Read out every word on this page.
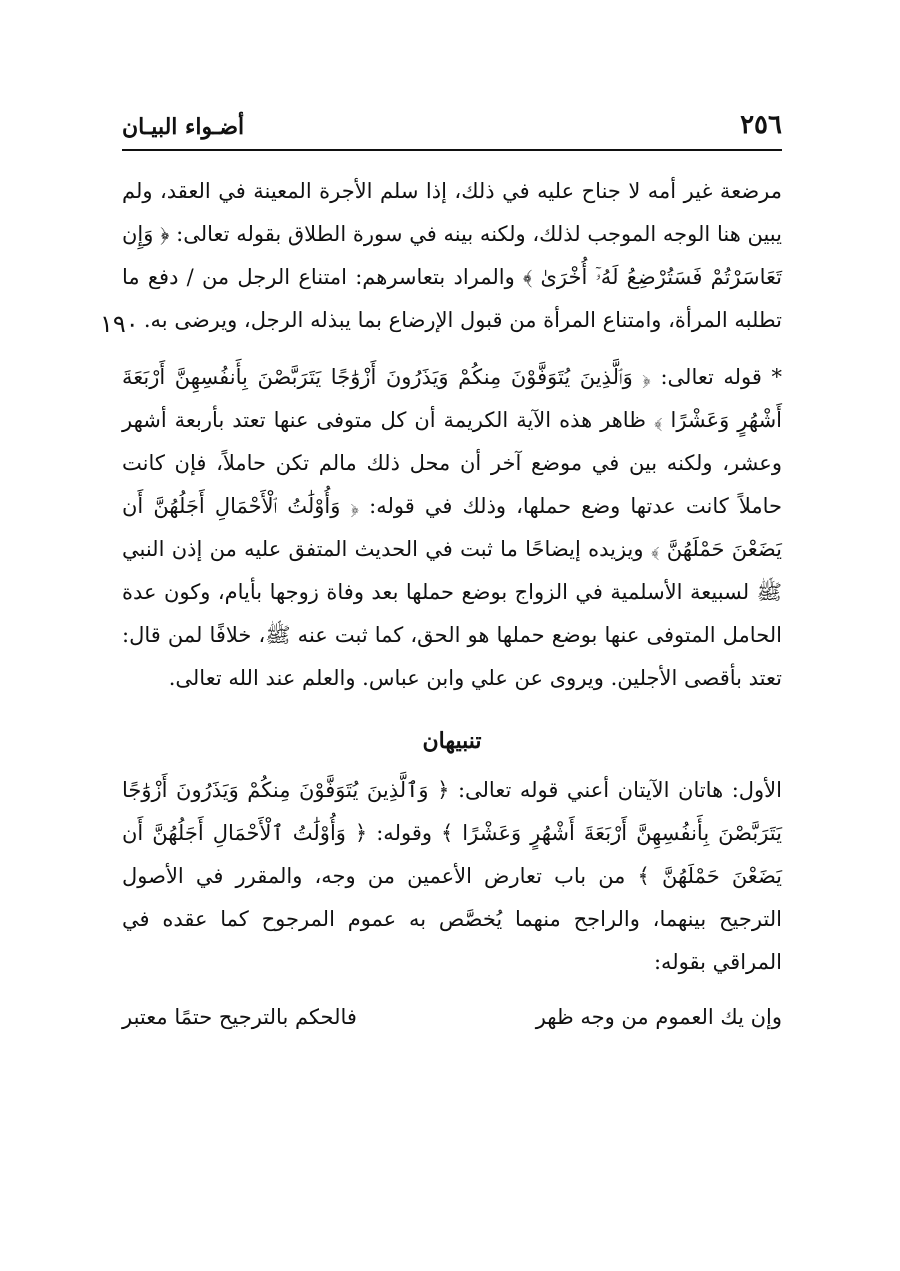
٢٥٦
أضـواء البيـان
١٩٠

مرضعة غير أمه لا جناح عليه في ذلك، إذا سلم الأجرة المعينة في العقد، ولم يبين هنا الوجه الموجب لذلك، ولكنه بينه في سورة الطلاق بقوله تعالى: ﴿ وَإِن تَعَاسَرْتُمْ فَسَتُرْضِعُ لَهُۥٓ أُخْرَىٰ ﴾ والمراد بتعاسرهم: امتناع الرجل من / دفع ما تطلبه المرأة، وامتناع المرأة من قبول الإرضاع بما يبذله الرجل، ويرضى به.

* قوله تعالى: ﴿ وَٱلَّذِينَ يُتَوَفَّوْنَ مِنكُمْ وَيَذَرُونَ أَزْوَٰجًا يَتَرَبَّصْنَ بِأَنفُسِهِنَّ أَرْبَعَةَ أَشْهُرٍ وَعَشْرًا ﴾ ظاهر هذه الآية الكريمة أن كل متوفى عنها تعتد بأربعة أشهر وعشر، ولكنه بين في موضع آخر أن محل ذلك مالم تكن حاملاً، فإن كانت حاملاً كانت عدتها وضع حملها، وذلك في قوله: ﴿ وَأُوْلَٰتُ ٱلْأَحْمَالِ أَجَلُهُنَّ أَن يَضَعْنَ حَمْلَهُنَّ ﴾ ويزيده إيضاحًا ما ثبت في الحديث المتفق عليه من إذن النبي ﷺ لسبيعة الأسلمية في الزواج بوضع حملها بعد وفاة زوجها بأيام، وكون عدة الحامل المتوفى عنها بوضع حملها هو الحق، كما ثبت عنه ﷺ، خلافًا لمن قال: تعتد بأقصى الأجلين. ويروى عن علي وابن عباس. والعلم عند الله تعالى.

تنبيهان

الأول: هاتان الآيتان أعني قوله تعالى: ﴿ وَٱلَّذِينَ يُتَوَفَّوْنَ مِنكُمْ وَيَذَرُونَ أَزْوَٰجًا يَتَرَبَّصْنَ بِأَنفُسِهِنَّ أَرْبَعَةَ أَشْهُرٍ وَعَشْرًا ﴾ وقوله: ﴿ وَأُوْلَٰتُ ٱلْأَحْمَالِ أَجَلُهُنَّ أَن يَضَعْنَ حَمْلَهُنَّ ﴾ من باب تعارض الأعمين من وجه، والمقرر في الأصول الترجيح بينهما، والراجح منهما يُخصَّص به عموم المرجوح كما عقده في المراقي بقوله:

وإن يك العموم من وجه ظهر
فالحكم بالترجيح حتمًا معتبر
